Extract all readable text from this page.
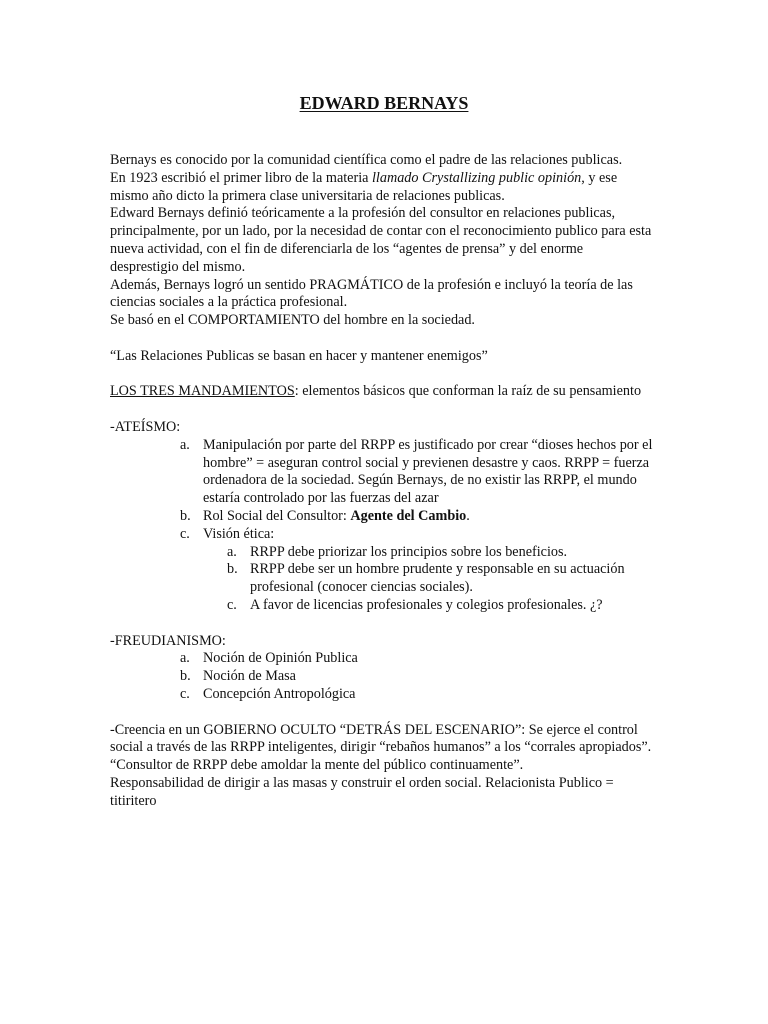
EDWARD BERNAYS

Bernays es conocido por la comunidad científica como el padre de las relaciones publicas.

En 1923 escribió el primer libro de la materia llamado Crystallizing public opinión, y ese mismo año dicto la primera clase universitaria de relaciones publicas.

Edward Bernays definió teóricamente a la profesión del consultor en relaciones publicas, principalmente, por un lado, por la necesidad de contar con el reconocimiento publico para esta nueva actividad, con el fin de diferenciarla de los “agentes de prensa” y del enorme desprestigio del mismo.

Además, Bernays logró un sentido PRAGMÁTICO de la profesión e incluyó la teoría de las ciencias sociales a la práctica profesional.

Se basó en el COMPORTAMIENTO del hombre en la sociedad.

“Las Relaciones Publicas se basan en hacer y mantener enemigos”

LOS TRES MANDAMIENTOS: elementos básicos que conforman la raíz de su pensamiento

-ATEÍSMO:

a. Manipulación por parte del RRPP es justificado por crear “dioses hechos por el hombre” = aseguran control social y previenen desastre y caos. RRPP = fuerza ordenadora de la sociedad. Según Bernays, de no existir las RRPP, el mundo estaría controlado por las fuerzas del azar
b. Rol Social del Consultor: Agente del Cambio.
c. Visión ética:
a. RRPP debe priorizar los principios sobre los beneficios.
b. RRPP debe ser un hombre prudente y responsable en su actuación profesional (conocer ciencias sociales).
c. A favor de licencias profesionales y colegios profesionales. ¿?

-FREUDIANISMO:

a. Noción de Opinión Publica
b. Noción de Masa
c. Concepción Antropológica

-Creencia en un GOBIERNO OCULTO “DETRÁS DEL ESCENARIO”: Se ejerce el control social a través de las RRPP inteligentes, dirigir “rebaños humanos” a los “corrales apropiados”. “Consultor de RRPP debe amoldar la mente del público continuamente”.

Responsabilidad de dirigir a las masas y construir el orden social. Relacionista Publico = titiritero
